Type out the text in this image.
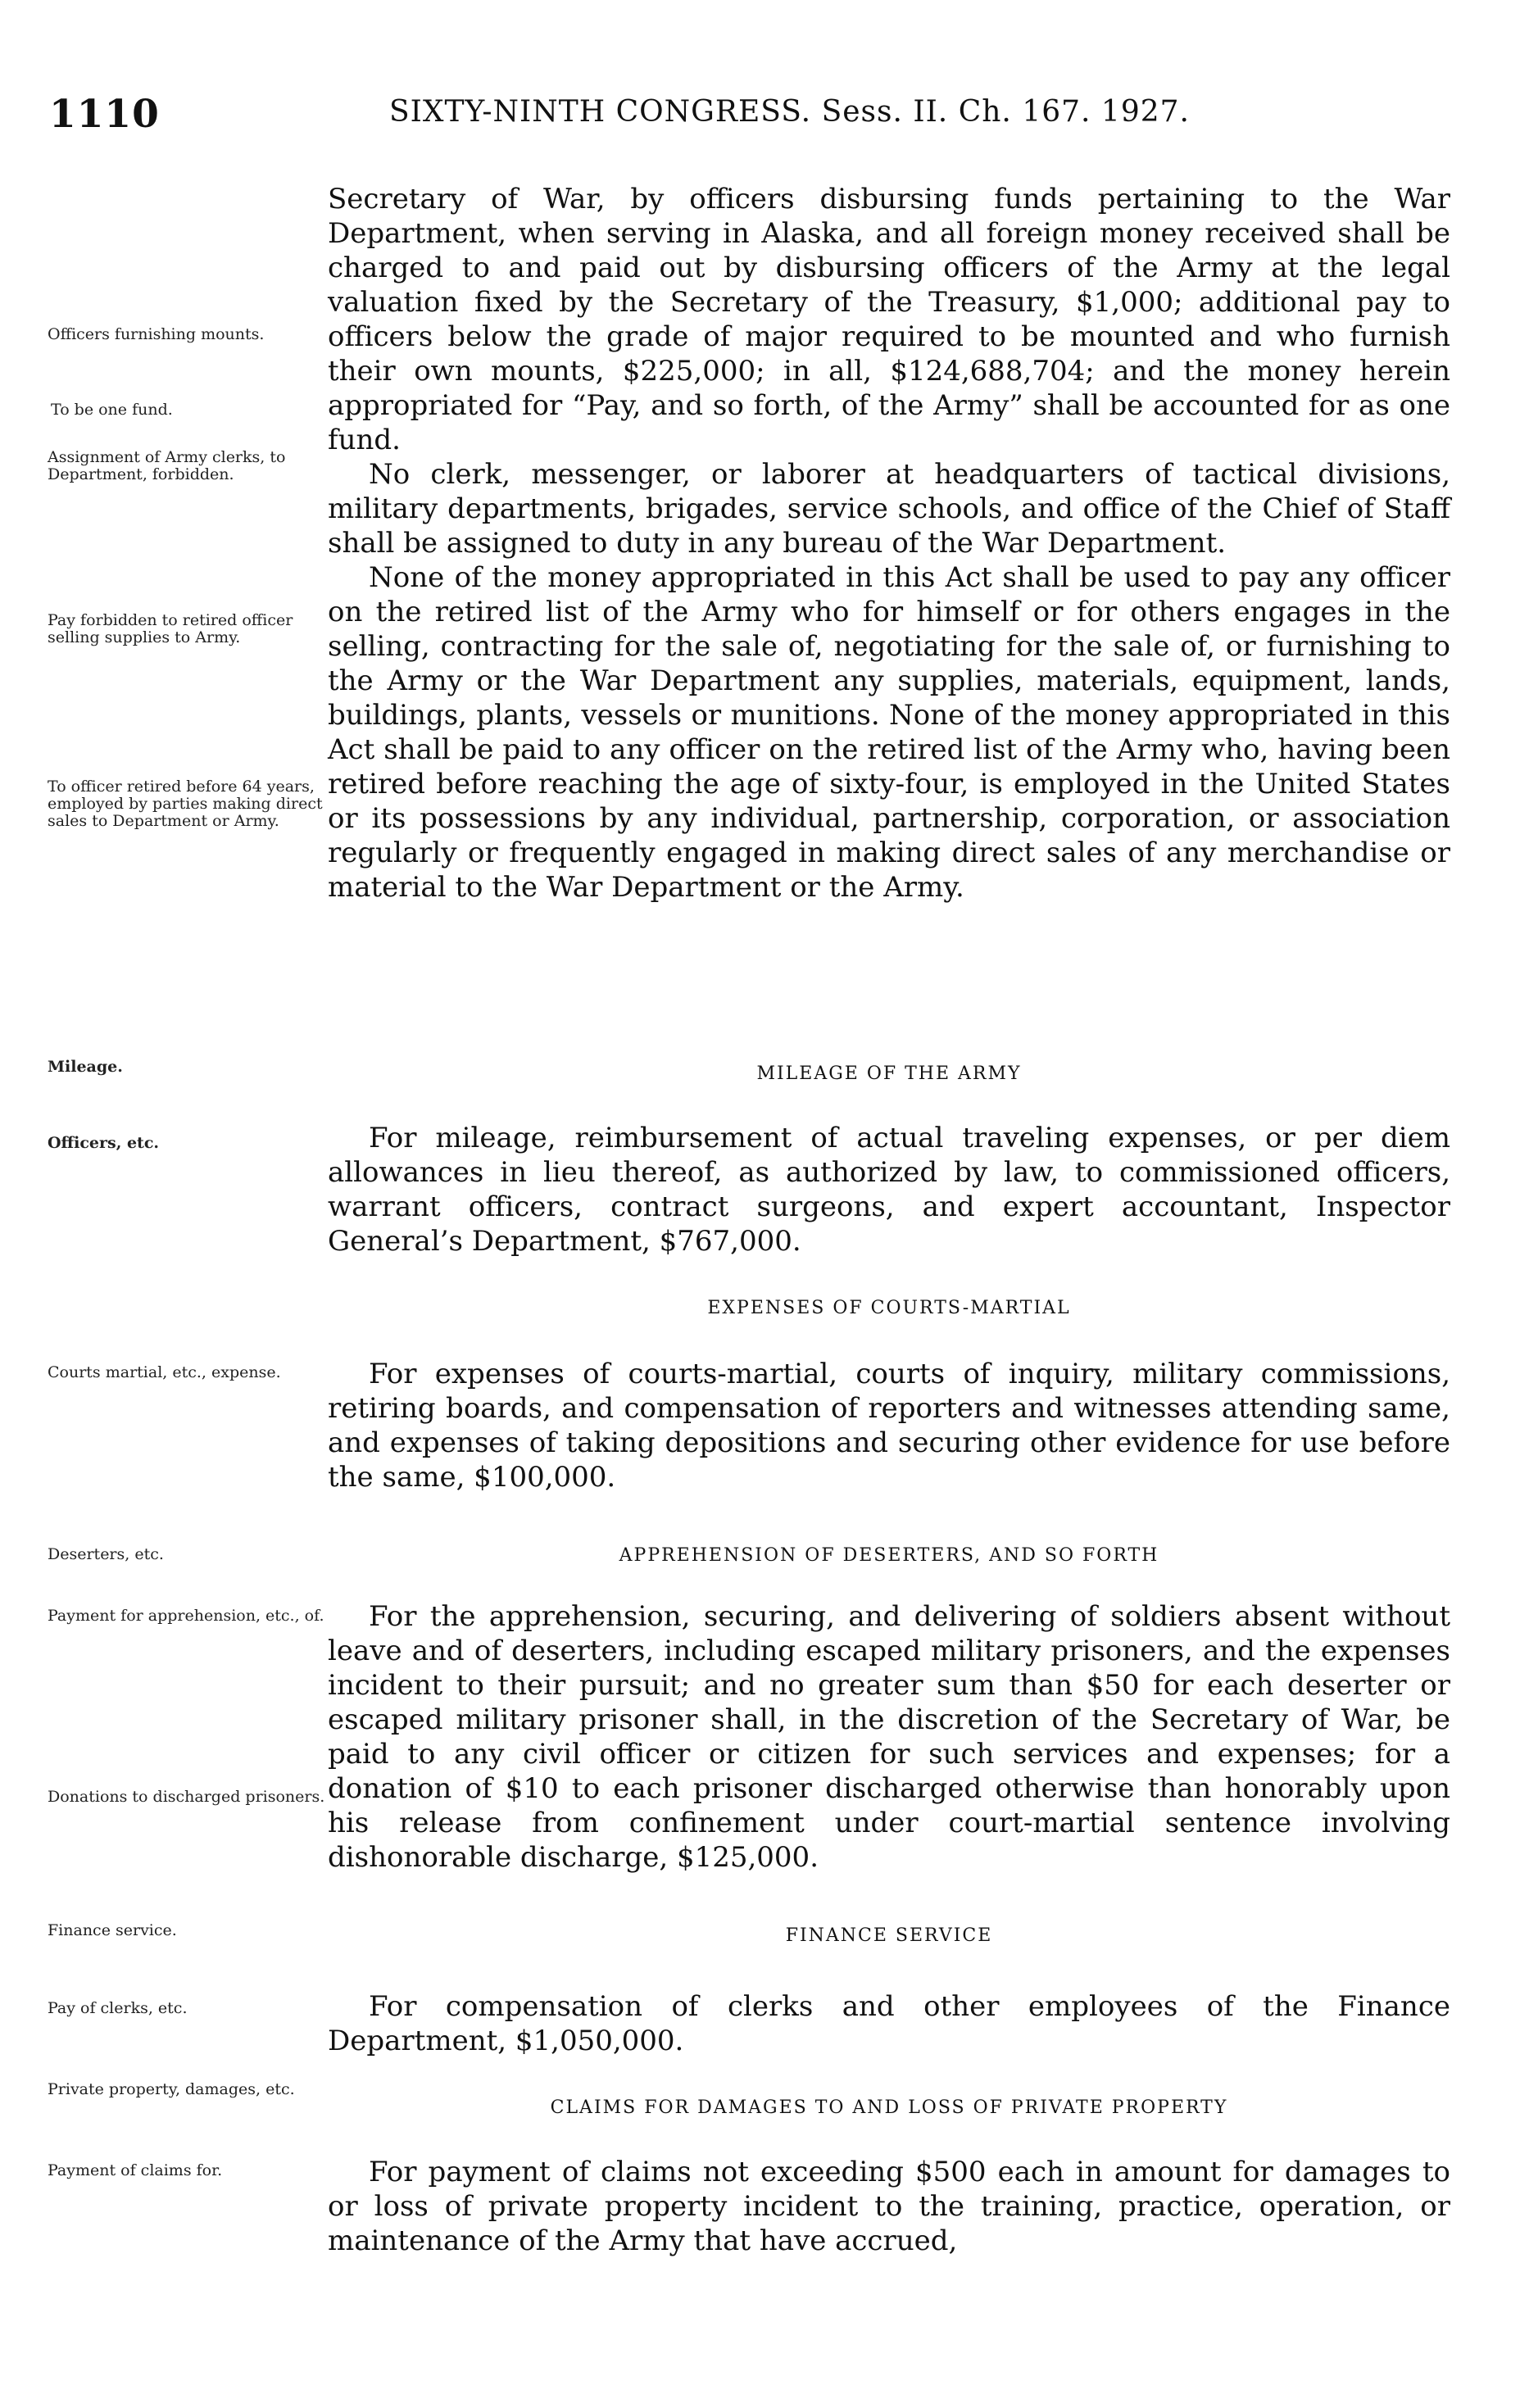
1110	SIXTY-NINTH CONGRESS. Sess. II. Ch. 167. 1927.
Officers furnishing mounts.
To be one fund.
Assignment of Army clerks, to Department, forbidden.
Pay forbidden to retired officer selling supplies to Army.
To officer retired before 64 years, employed by parties making direct sales to Department or Army.
Mileage.
Officers, etc.
Courts martial, etc., expense.
Deserters, etc.
Payment for apprehension, etc., of.
Donations to discharged prisoners.
Finance service.
Pay of clerks, etc.
Private property, damages, etc.
Payment of claims for.

Secretary of War, by officers disbursing funds pertaining to the War Department, when serving in Alaska, and all foreign money received shall be charged to and paid out by disbursing officers of the Army at the legal valuation fixed by the Secretary of the Treasury, $1,000; additional pay to officers below the grade of major required to be mounted and who furnish their own mounts, $225,000; in all, $124,688,704; and the money herein appropriated for “Pay, and so forth, of the Army” shall be accounted for as one fund.

No clerk, messenger, or laborer at headquarters of tactical divisions, military departments, brigades, service schools, and office of the Chief of Staff shall be assigned to duty in any bureau of the War Department.

None of the money appropriated in this Act shall be used to pay any officer on the retired list of the Army who for himself or for others engages in the selling, contracting for the sale of, negotiating for the sale of, or furnishing to the Army or the War Department any supplies, materials, equipment, lands, buildings, plants, vessels or munitions. None of the money appropriated in this Act shall be paid to any officer on the retired list of the Army who, having been retired before reaching the age of sixty-four, is employed in the United States or its possessions by any individual, partnership, corporation, or association regularly or frequently engaged in making direct sales of any merchandise or material to the War Department or the Army.

MILEAGE OF THE ARMY

For mileage, reimbursement of actual traveling expenses, or per diem allowances in lieu thereof, as authorized by law, to commissioned officers, warrant officers, contract surgeons, and expert accountant, Inspector General’s Department, $767,000.

EXPENSES OF COURTS-MARTIAL

For expenses of courts-martial, courts of inquiry, military commissions, retiring boards, and compensation of reporters and witnesses attending same, and expenses of taking depositions and securing other evidence for use before the same, $100,000.

APPREHENSION OF DESERTERS, AND SO FORTH

For the apprehension, securing, and delivering of soldiers absent without leave and of deserters, including escaped military prisoners, and the expenses incident to their pursuit; and no greater sum than $50 for each deserter or escaped military prisoner shall, in the discretion of the Secretary of War, be paid to any civil officer or citizen for such services and expenses; for a donation of $10 to each prisoner discharged otherwise than honorably upon his release from confinement under court-martial sentence involving dishonorable discharge, $125,000.

FINANCE SERVICE

For compensation of clerks and other employees of the Finance Department, $1,050,000.

CLAIMS FOR DAMAGES TO AND LOSS OF PRIVATE PROPERTY

For payment of claims not exceeding $500 each in amount for damages to or loss of private property incident to the training, practice, operation, or maintenance of the Army that have accrued,
